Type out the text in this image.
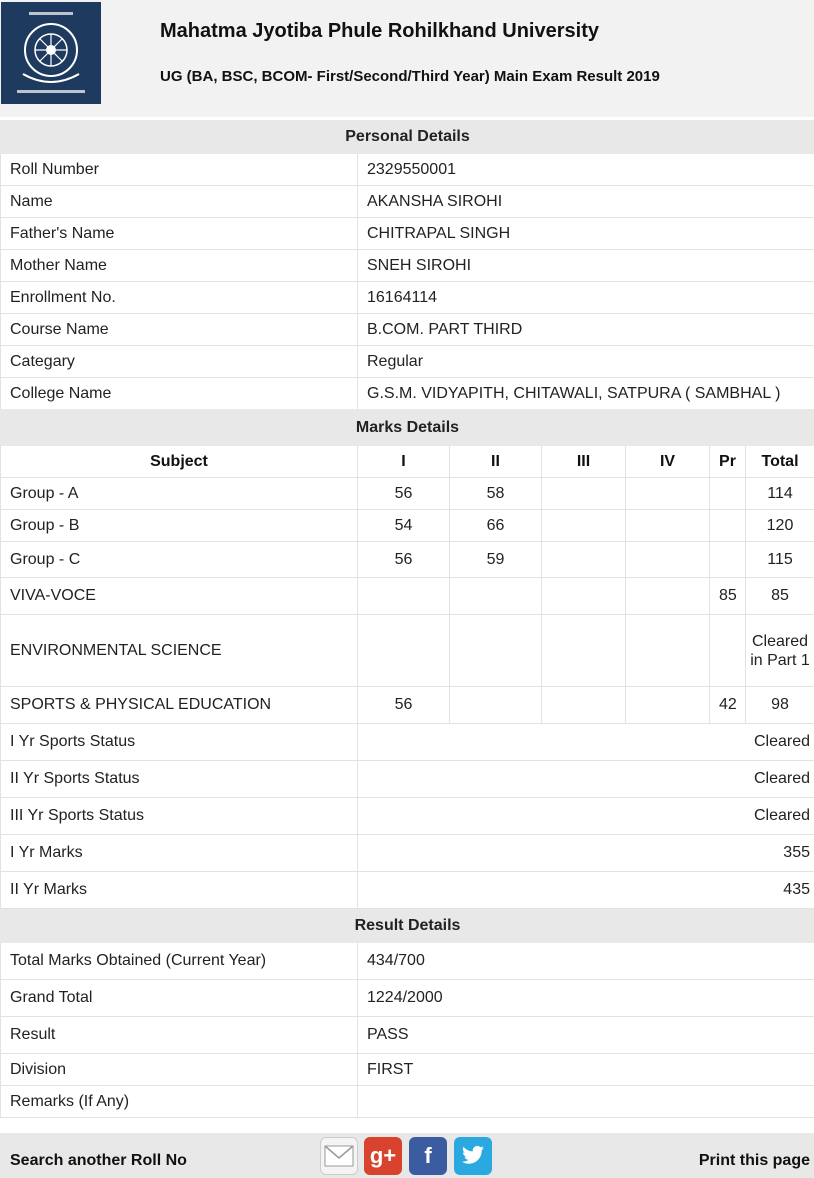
Mahatma Jyotiba Phule Rohilkhand University
UG (BA, BSC, BCOM- First/Second/Third Year) Main Exam Result 2019
Personal Details	
Roll Number	2329550001
Name	AKANSHA SIROHI
Father's Name	CHITRAPAL SINGH
Mother Name	SNEH SIROHI
Enrollment No.	16164114
Course Name	B.COM. PART THIRD
Categary	Regular
College Name	G.S.M. VIDYAPITH, CHITAWALI, SATPURA ( SAMBHAL )
Marks Details						
Subject	I	II	III	IV	Pr	Total
Group - A	56	58				114
Group - B	54	66				120
Group - C	56	59				115
VIVA-VOCE					85	85
ENVIRONMENTAL SCIENCE						Cleared in Part 1
SPORTS & PHYSICAL EDUCATION	56				42	98
I Yr Sports Status	Cleared					
II Yr Sports Status	Cleared					
III Yr Sports Status	Cleared					
I Yr Marks	355					
II Yr Marks	435					
Result Details	
Total Marks Obtained (Current Year)	434/700
Grand Total	1224/2000
Result	PASS
Division	FIRST
Remarks (If Any)	
Search another Roll No	g+ f	Print this page
